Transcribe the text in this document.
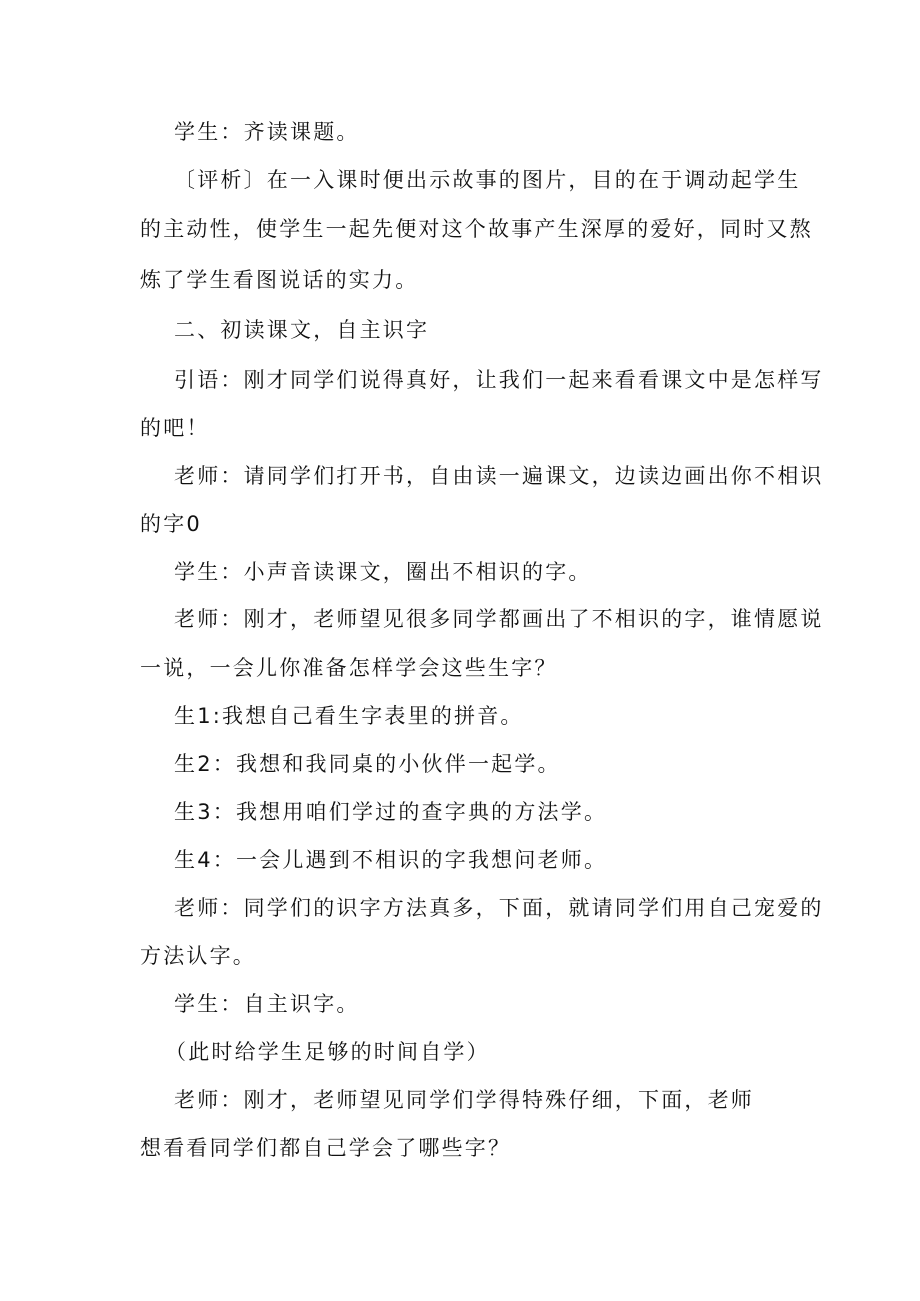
学生：齐读课题。
〔评析〕在一入课时便出示故事的图片，目的在于调动起学生
的主动性，使学生一起先便对这个故事产生深厚的爱好，同时又熬
炼了学生看图说话的实力。
二、初读课文，自主识字
引语：刚才同学们说得真好，让我们一起来看看课文中是怎样写
的吧！
老师：请同学们打开书，自由读一遍课文，边读边画出你不相识
的字0
学生：小声音读课文，圈出不相识的字。
老师：刚才，老师望见很多同学都画出了不相识的字，谁情愿说
一说，一会儿你准备怎样学会这些生字？
生1:我想自己看生字表里的拼音。
生2：我想和我同桌的小伙伴一起学。
生3：我想用咱们学过的查字典的方法学。
生4：一会儿遇到不相识的字我想问老师。
老师：同学们的识字方法真多，下面，就请同学们用自己宠爱的
方法认字。
学生：自主识字。
（此时给学生足够的时间自学）
老师：刚才，老师望见同学们学得特殊仔细，下面，老师
想看看同学们都自己学会了哪些字？
